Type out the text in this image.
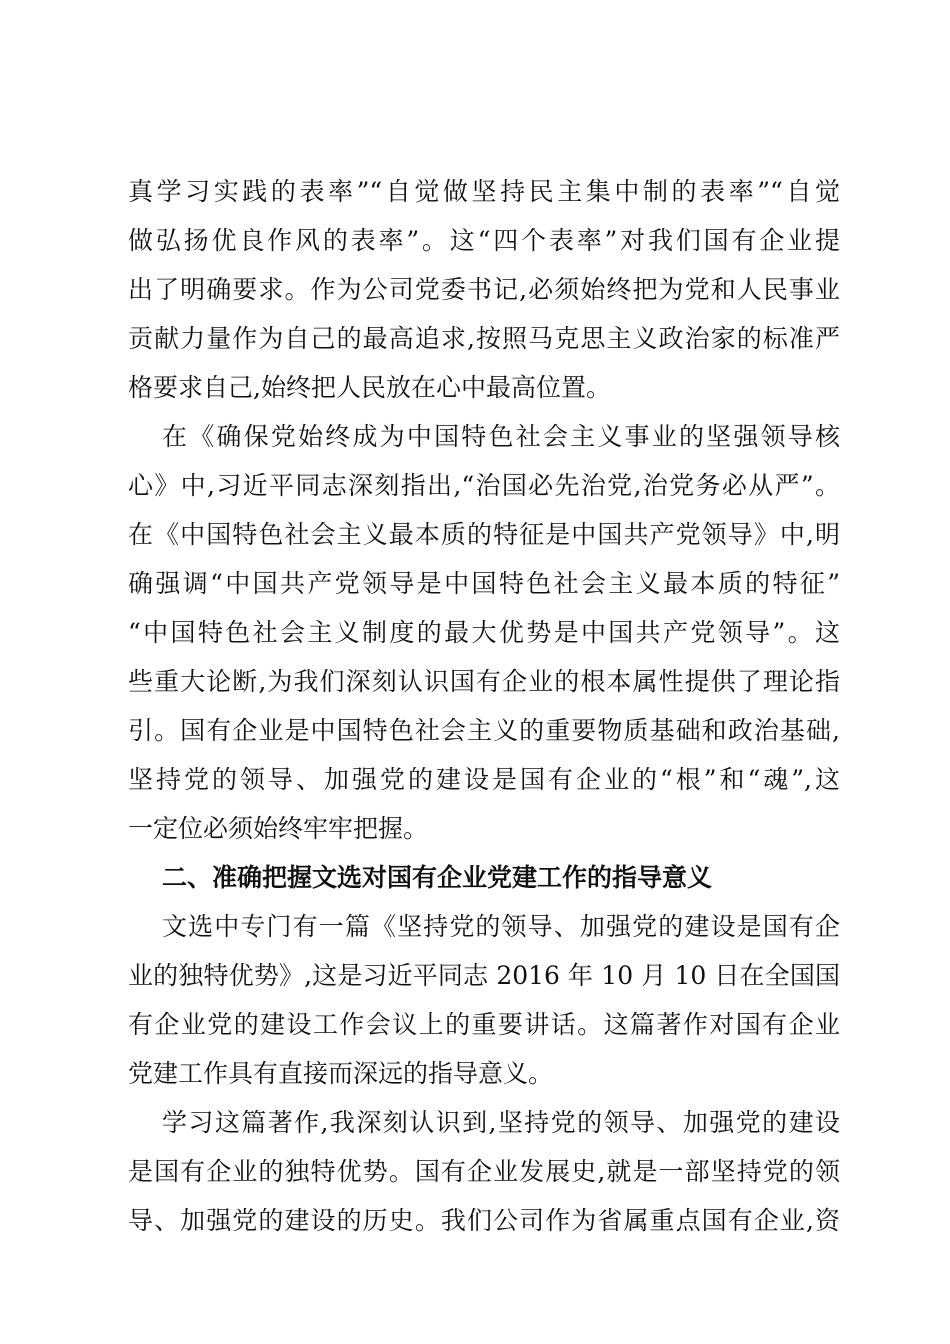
真学习实践的表率”“自觉做坚持民主集中制的表率”“自觉
做弘扬优良作风的表率”。这“四个表率”对我们国有企业提
出了明确要求。作为公司党委书记,必须始终把为党和人民事业
贡献力量作为自己的最高追求,按照马克思主义政治家的标准严
格要求自己,始终把人民放在心中最高位置。
在《确保党始终成为中国特色社会主义事业的坚强领导核
心》中,习近平同志深刻指出,“治国必先治党,治党务必从严”。
在《中国特色社会主义最本质的特征是中国共产党领导》中,明
确强调“中国共产党领导是中国特色社会主义最本质的特征”
“中国特色社会主义制度的最大优势是中国共产党领导”。这
些重大论断,为我们深刻认识国有企业的根本属性提供了理论指
引。国有企业是中国特色社会主义的重要物质基础和政治基础,
坚持党的领导、加强党的建设是国有企业的“根”和“魂”,这
一定位必须始终牢牢把握。
二、准确把握文选对国有企业党建工作的指导意义
文选中专门有一篇《坚持党的领导、加强党的建设是国有企
业的独特优势》,这是习近平同志 2016 年 10 月 10 日在全国国
有企业党的建设工作会议上的重要讲话。这篇著作对国有企业
党建工作具有直接而深远的指导意义。
学习这篇著作,我深刻认识到,坚持党的领导、加强党的建设
是国有企业的独特优势。国有企业发展史,就是一部坚持党的领
导、加强党的建设的历史。我们公司作为省属重点国有企业,资
